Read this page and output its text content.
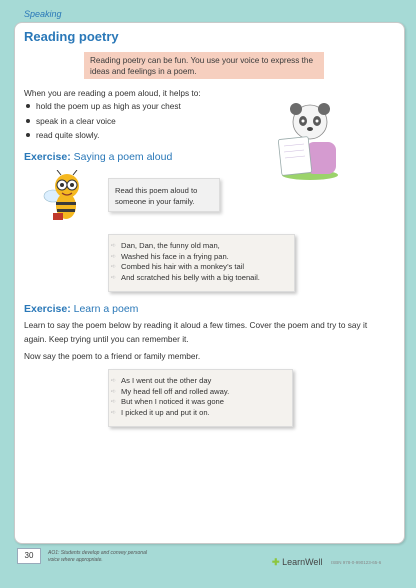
Speaking
Reading poetry
Reading poetry can be fun. You use your voice to express the ideas and feelings in a poem.
When you are reading a poem aloud, it helps to:
hold the poem up as high as your chest
speak in a clear voice
read quite slowly.
Exercise: Saying a poem aloud
Read this poem aloud to someone in your family.
➪
➪
➪
➪
Dan, Dan, the funny old man,
Washed his face in a frying pan.
Combed his hair with a monkey’s tail
And scratched his belly with a big toenail.
Exercise: Learn a poem
Learn to say the poem below by reading it aloud a few times. Cover the poem and try to say it again. Keep trying until you can remember it.
Now say the poem to a friend or family member.
➪
➪
➪
➪
As I went out the other day
My head fell off and rolled away.
But when I noticed it was gone
I picked it up and put it on.
30	AO1: Students develop and convey personal
voice where appropriate.	✚ LearnWell ISBN 978-0-990123-65-6
